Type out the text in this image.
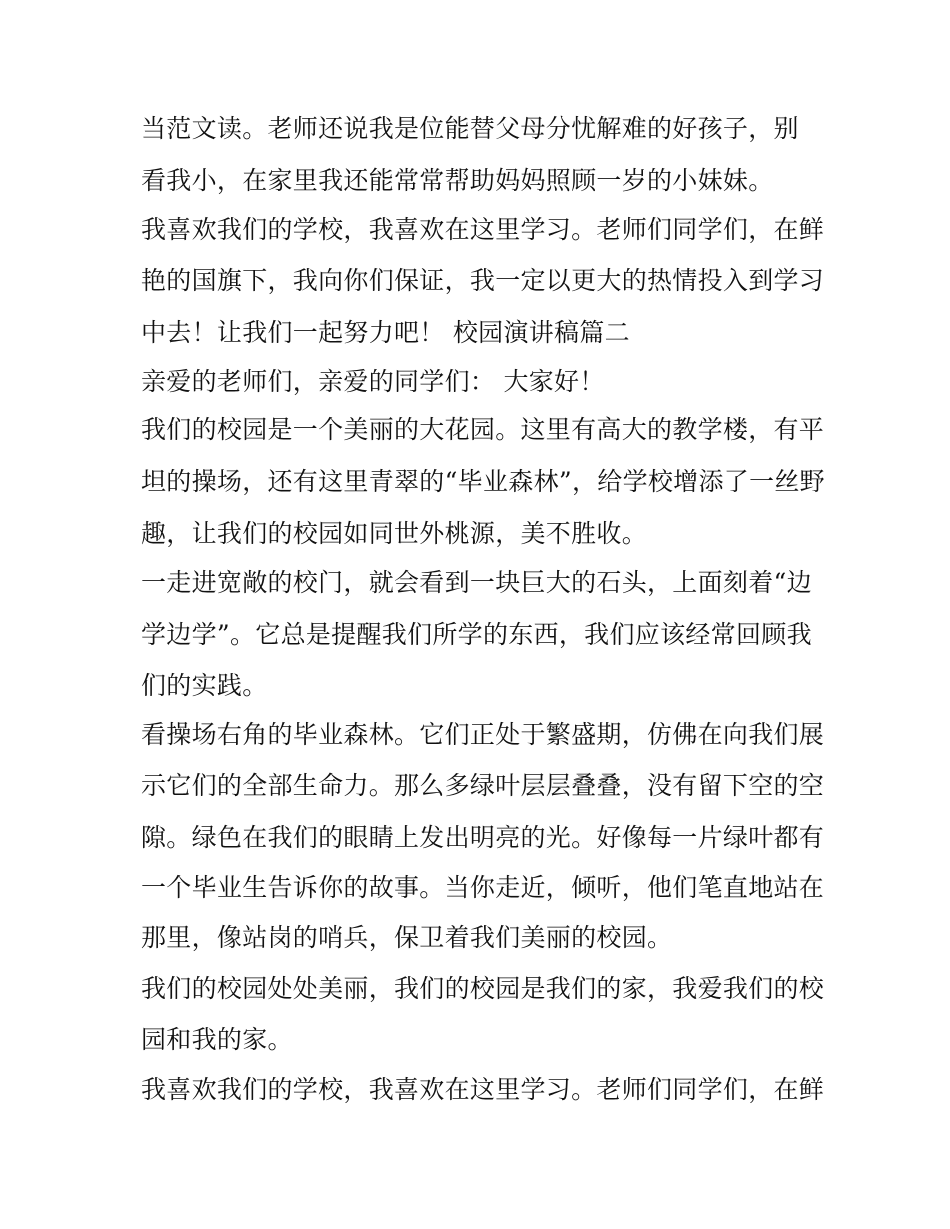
当范文读。老师还说我是位能替父母分忧解难的好孩子，别
看我小，在家里我还能常常帮助妈妈照顾一岁的小妹妹。
我喜欢我们的学校，我喜欢在这里学习。老师们同学们，在鲜
艳的国旗下，我向你们保证，我一定以更大的热情投入到学习
中去！让我们一起努力吧！ 校园演讲稿篇二
亲爱的老师们，亲爱的同学们： 大家好！
我们的校园是一个美丽的大花园。这里有高大的教学楼，有平
坦的操场，还有这里青翠的“毕业森林”，给学校增添了一丝野
趣，让我们的校园如同世外桃源，美不胜收。
一走进宽敞的校门，就会看到一块巨大的石头，上面刻着“边
学边学”。它总是提醒我们所学的东西，我们应该经常回顾我
们的实践。
看操场右角的毕业森林。它们正处于繁盛期，仿佛在向我们展
示它们的全部生命力。那么多绿叶层层叠叠，没有留下空的空
隙。绿色在我们的眼睛上发出明亮的光。好像每一片绿叶都有
一个毕业生告诉你的故事。当你走近，倾听，他们笔直地站在
那里，像站岗的哨兵，保卫着我们美丽的校园。
我们的校园处处美丽，我们的校园是我们的家，我爱我们的校
园和我的家。
我喜欢我们的学校，我喜欢在这里学习。老师们同学们，在鲜
